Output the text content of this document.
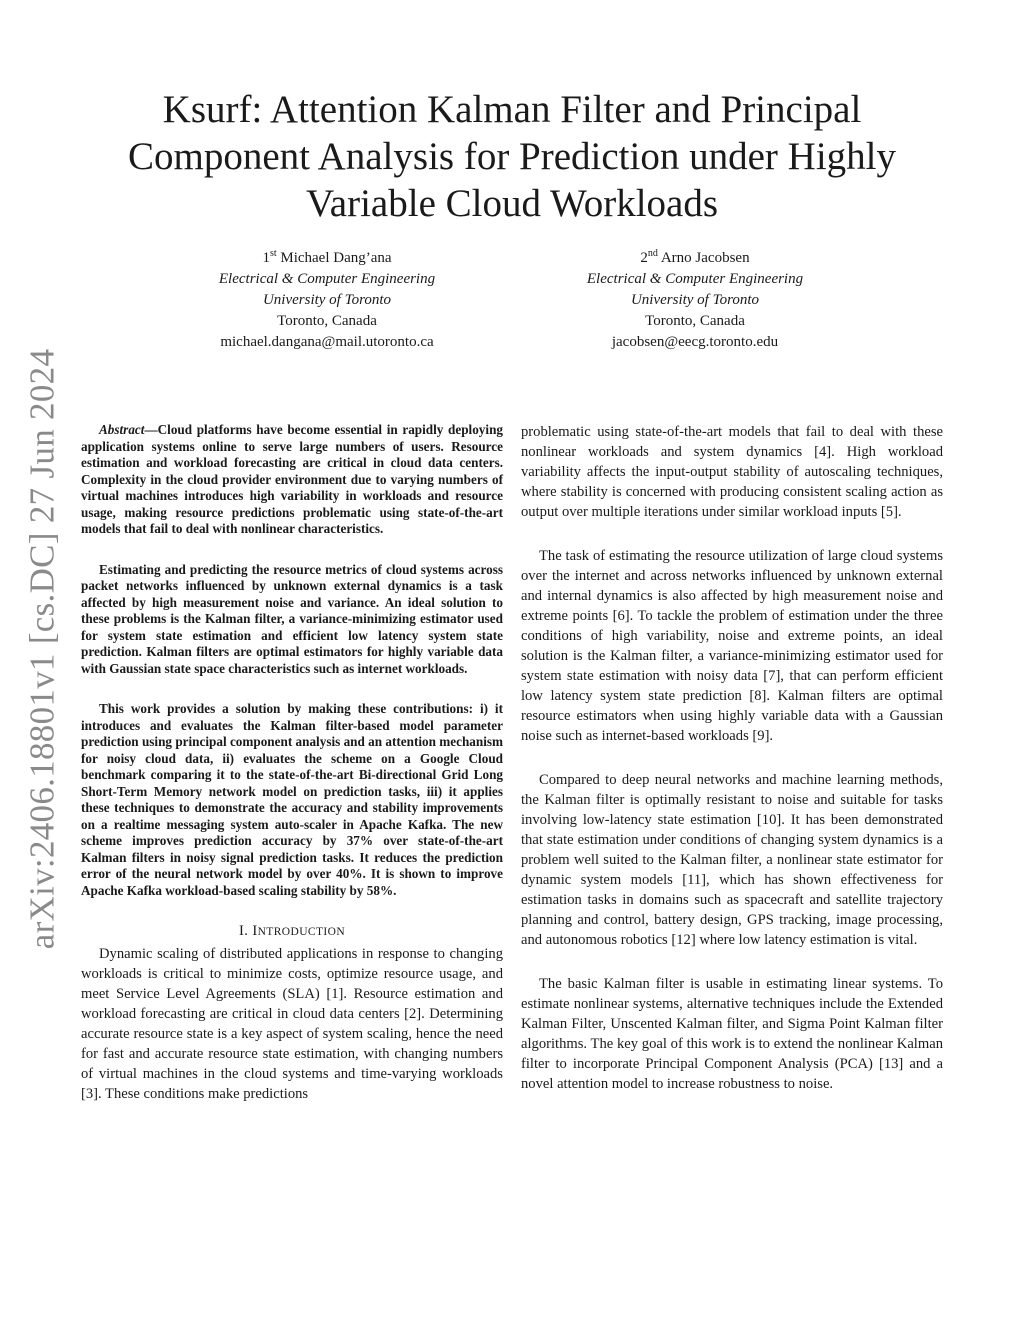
arXiv:2406.18801v1 [cs.DC] 27 Jun 2024
Ksurf: Attention Kalman Filter and Principal Component Analysis for Prediction under Highly Variable Cloud Workloads
1st Michael Dang’ana
Electrical & Computer Engineering
University of Toronto
Toronto, Canada
michael.dangana@mail.utoronto.ca
2nd Arno Jacobsen
Electrical & Computer Engineering
University of Toronto
Toronto, Canada
jacobsen@eecg.toronto.edu

Abstract—Cloud platforms have become essential in rapidly deploying application systems online to serve large numbers of users. Resource estimation and workload forecasting are critical in cloud data centers. Complexity in the cloud provider environment due to varying numbers of virtual machines introduces high variability in workloads and resource usage, making resource predictions problematic using state-of-the-art models that fail to deal with nonlinear characteristics.

Estimating and predicting the resource metrics of cloud systems across packet networks influenced by unknown external dynamics is a task affected by high measurement noise and variance. An ideal solution to these problems is the Kalman filter, a variance-minimizing estimator used for system state estimation and efficient low latency system state prediction. Kalman filters are optimal estimators for highly variable data with Gaussian state space characteristics such as internet workloads.

This work provides a solution by making these contributions: i) it introduces and evaluates the Kalman filter-based model parameter prediction using principal component analysis and an attention mechanism for noisy cloud data, ii) evaluates the scheme on a Google Cloud benchmark comparing it to the state-of-the-art Bi-directional Grid Long Short-Term Memory network model on prediction tasks, iii) it applies these techniques to demonstrate the accuracy and stability improvements on a realtime messaging system auto-scaler in Apache Kafka. The new scheme improves prediction accuracy by 37% over state-of-the-art Kalman filters in noisy signal prediction tasks. It reduces the prediction error of the neural network model by over 40%. It is shown to improve Apache Kafka workload-based scaling stability by 58%.

I. INTRODUCTION

Dynamic scaling of distributed applications in response to changing workloads is critical to minimize costs, optimize resource usage, and meet Service Level Agreements (SLA) [1]. Resource estimation and workload forecasting are critical in cloud data centers [2]. Determining accurate resource state is a key aspect of system scaling, hence the need for fast and accurate resource state estimation, with changing numbers of virtual machines in the cloud systems and time-varying workloads [3]. These conditions make predictions

problematic using state-of-the-art models that fail to deal with these nonlinear workloads and system dynamics [4]. High workload variability affects the input-output stability of autoscaling techniques, where stability is concerned with producing consistent scaling action as output over multiple iterations under similar workload inputs [5].

The task of estimating the resource utilization of large cloud systems over the internet and across networks influenced by unknown external and internal dynamics is also affected by high measurement noise and extreme points [6]. To tackle the problem of estimation under the three conditions of high variability, noise and extreme points, an ideal solution is the Kalman filter, a variance-minimizing estimator used for system state estimation with noisy data [7], that can perform efficient low latency system state prediction [8]. Kalman filters are optimal resource estimators when using highly variable data with a Gaussian noise such as internet-based workloads [9].

Compared to deep neural networks and machine learning methods, the Kalman filter is optimally resistant to noise and suitable for tasks involving low-latency state estimation [10]. It has been demonstrated that state estimation under conditions of changing system dynamics is a problem well suited to the Kalman filter, a nonlinear state estimator for dynamic system models [11], which has shown effectiveness for estimation tasks in domains such as spacecraft and satellite trajectory planning and control, battery design, GPS tracking, image processing, and autonomous robotics [12] where low latency estimation is vital.

The basic Kalman filter is usable in estimating linear systems. To estimate nonlinear systems, alternative techniques include the Extended Kalman Filter, Unscented Kalman filter, and Sigma Point Kalman filter algorithms. The key goal of this work is to extend the nonlinear Kalman filter to incorporate Principal Component Analysis (PCA) [13] and a novel attention model to increase robustness to noise.
